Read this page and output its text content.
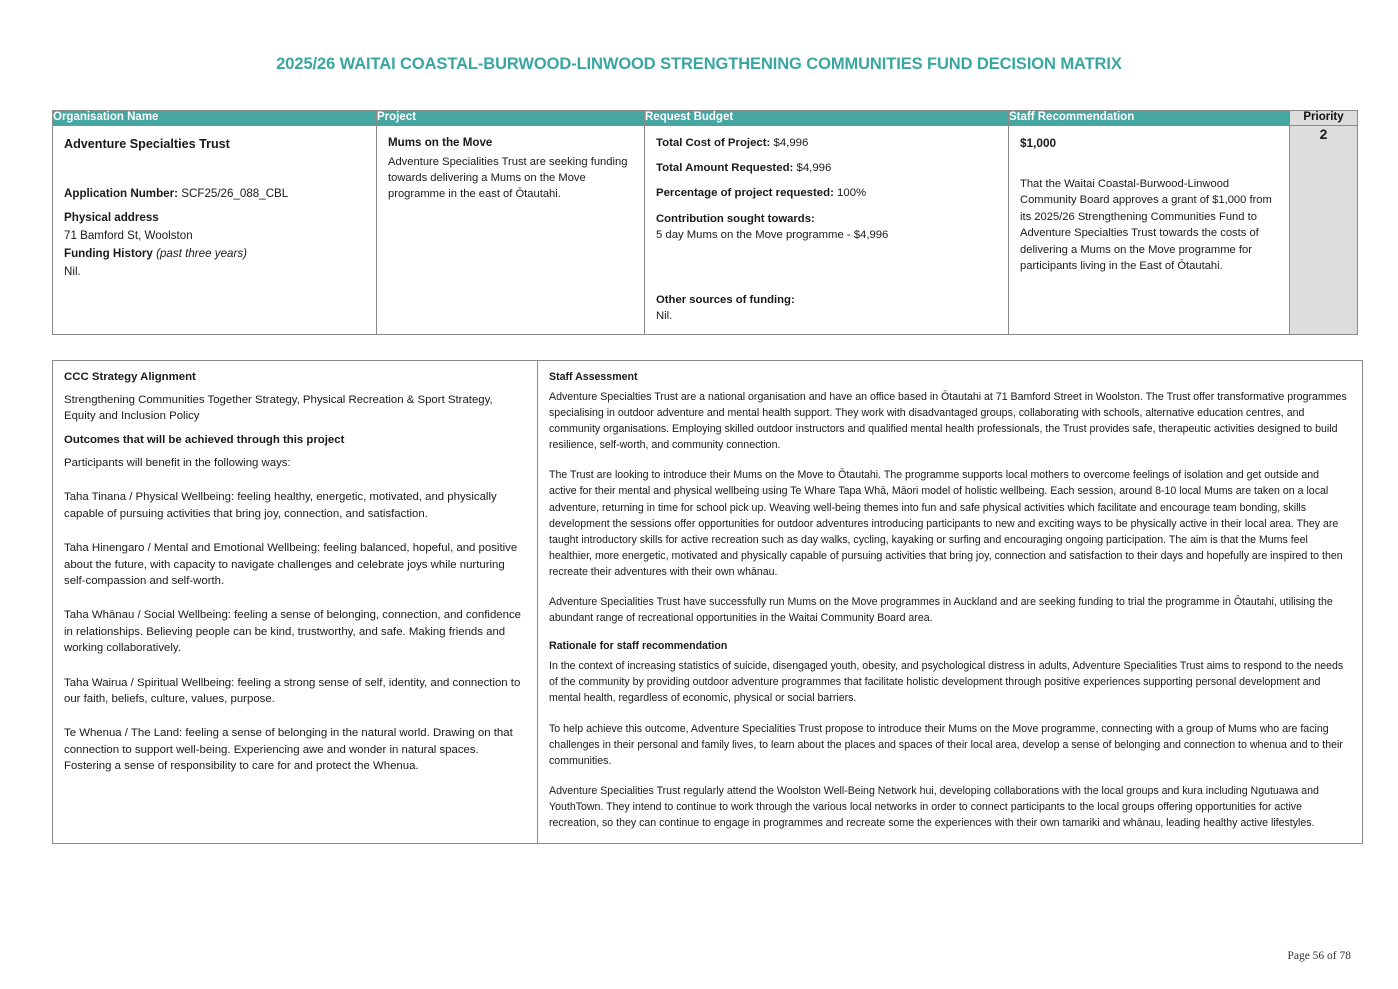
2025/26 WAITAI COASTAL-BURWOOD-LINWOOD STRENGTHENING COMMUNITIES FUND DECISION MATRIX
Organisation Name	Project	Request Budget	Staff Recommendation	Priority

Adventure Specialties Trust
Application Number: SCF25/26_088_CBL
Physical address
71 Bamford St, Woolston
Funding History (past three years)
Nil.

Mums on the Move
Adventure Specialities Trust are seeking funding towards delivering a Mums on the Move programme in the east of Ōtautahi.

Total Cost of Project: $4,996
Total Amount Requested: $4,996
Percentage of project requested: 100%
Contribution sought towards:
5 day Mums on the Move programme - $4,996
Other sources of funding:
Nil.

$1,000
That the Waitai Coastal-Burwood-Linwood Community Board approves a grant of $1,000 from its 2025/26 Strengthening Communities Fund to Adventure Specialties Trust towards the costs of delivering a Mums on the Move programme for participants living in the East of Ōtautahi.
	2
CCC Strategy Alignment

Strengthening Communities Together Strategy, Physical Recreation & Sport Strategy, Equity and Inclusion Policy

Outcomes that will be achieved through this project

Participants will benefit in the following ways:

Taha Tinana / Physical Wellbeing: feeling healthy, energetic, motivated, and physically capable of pursuing activities that bring joy, connection, and satisfaction.

Taha Hinengaro / Mental and Emotional Wellbeing: feeling balanced, hopeful, and positive about the future, with capacity to navigate challenges and celebrate joys while nurturing self-compassion and self-worth.

Taha Whānau / Social Wellbeing: feeling a sense of belonging, connection, and confidence in relationships. Believing people can be kind, trustworthy, and safe. Making friends and working collaboratively.

Taha Wairua / Spiritual Wellbeing: feeling a strong sense of self, identity, and connection to our faith, beliefs, culture, values, purpose.

Te Whenua / The Land: feeling a sense of belonging in the natural world. Drawing on that connection to support well-being. Experiencing awe and wonder in natural spaces. Fostering a sense of responsibility to care for and protect the Whenua.

Staff Assessment

Adventure Specialties Trust are a national organisation and have an office based in Ōtautahi at 71 Bamford Street in Woolston. The Trust offer transformative programmes specialising in outdoor adventure and mental health support. They work with disadvantaged groups, collaborating with schools, alternative education centres, and community organisations. Employing skilled outdoor instructors and qualified mental health professionals, the Trust provides safe, therapeutic activities designed to build resilience, self-worth, and community connection.

The Trust are looking to introduce their Mums on the Move to Ōtautahi. The programme supports local mothers to overcome feelings of isolation and get outside and active for their mental and physical wellbeing using Te Whare Tapa Whā, Māori model of holistic wellbeing. Each session, around 8-10 local Mums are taken on a local adventure, returning in time for school pick up. Weaving well-being themes into fun and safe physical activities which facilitate and encourage team bonding, skills development the sessions offer opportunities for outdoor adventures introducing participants to new and exciting ways to be physically active in their local area. They are taught introductory skills for active recreation such as day walks, cycling, kayaking or surfing and encouraging ongoing participation. The aim is that the Mums feel healthier, more energetic, motivated and physically capable of pursuing activities that bring joy, connection and satisfaction to their days and hopefully are inspired to then recreate their adventures with their own whānau.

Adventure Specialities Trust have successfully run Mums on the Move programmes in Auckland and are seeking funding to trial the programme in Ōtautahi, utilising the abundant range of recreational opportunities in the Waitai Community Board area.

Rationale for staff recommendation

In the context of increasing statistics of suicide, disengaged youth, obesity, and psychological distress in adults, Adventure Specialities Trust aims to respond to the needs of the community by providing outdoor adventure programmes that facilitate holistic development through positive experiences supporting personal development and mental health, regardless of economic, physical or social barriers.

To help achieve this outcome, Adventure Specialities Trust propose to introduce their Mums on the Move programme, connecting with a group of Mums who are facing challenges in their personal and family lives, to learn about the places and spaces of their local area, develop a sense of belonging and connection to whenua and to their communities.

Adventure Specialities Trust regularly attend the Woolston Well-Being Network hui, developing collaborations with the local groups and kura including Ngutuawa and YouthTown. They intend to continue to work through the various local networks in order to connect participants to the local groups offering opportunities for active recreation, so they can continue to engage in programmes and recreate some the experiences with their own tamariki and whānau, leading healthy active lifestyles.

Page 56 of 78
